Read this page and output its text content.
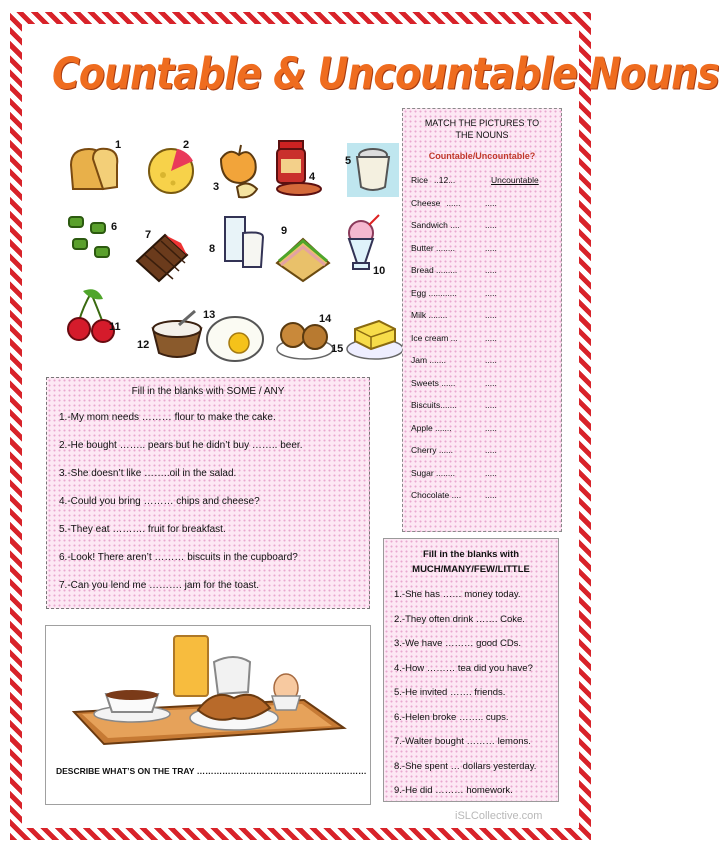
Countable & Uncountable Nouns
1	2
3
4
5
6
7
8
9
10
11
12
13	14
15
MATCH THE PICTURES TO
THE NOUNS
Countable/Uncountable?
Rice ..12...	Uncountable
Cheese ......	.....
Sandwich ....	.....
Butter ........	.....
Bread .........	.....
Egg ............	.....
Milk ........	.....
Ice cream ...	.....
Jam .......	.....
Sweets ......	.....
Biscuits.......	.....
Apple .......	.....
Cherry ......	.....
Sugar ........	.....
Chocolate ....	.....
Fill in the blanks with SOME / ANY
1.-My mom needs ……… flour to make the cake.
2.-He bought …….. pears but he didn’t buy …….. beer.
3.-She doesn’t like ……..oil in the salad.
4.-Could you bring ……… chips and cheese?
5.-They eat ………. fruit for breakfast.
6.-Look! There aren’t ……… biscuits in the cupboard?
7.-Can you lend me ………. jam for the toast.
Fill in the blanks with
MUCH/MANY/FEW/LITTLE
1.-She has …… money today.
2.-They often drink ……. Coke.
3.-We have ……… good CDs.
4.-How ……… tea did you have?
5.-He invited ……. friends.
6.-Helen broke …….. cups.
7.-Walter bought ……… lemons.
8.-She spent … dollars yesterday.
9.-He did ……… homework.
DESCRIBE WHAT’S ON THE TRAY ……………………………………………………
iSLCollective.com
